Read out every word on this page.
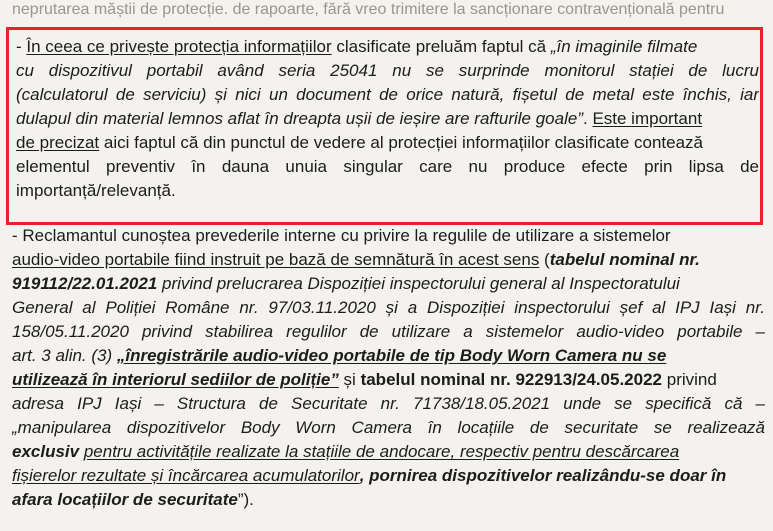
neprutarea măștii de protecție. de rapoarte, fără vreo trimitere la sancționare contravențională pentru
- În ceea ce privește protecția informațiilor clasificate preluăm faptul că „în imaginile filmate
cu dispozitivul portabil având seria 25041 nu se surprinde monitorul stației de lucru
(calculatorul de serviciu) și nici un document de orice natură, fișetul de metal este închis, iar
dulapul din material lemnos aflat în dreapta ușii de ieșire are rafturile goale”. Este important
de precizat aici faptul că din punctul de vedere al protecției informațiilor clasificate contează
elementul preventiv în dauna unuia singular care nu produce efecte prin lipsa de
importanță/relevanță.
- Reclamantul cunoștea prevederile interne cu privire la regulile de utilizare a sistemelor
audio-video portabile fiind instruit pe bază de semnătură în acest sens (tabelul nominal nr.
919112/22.01.2021 privind prelucrarea Dispoziției inspectorului general al Inspectoratului
General al Poliției Române nr. 97/03.11.2020 și a Dispoziției inspectorului șef al IPJ Iași nr.
158/05.11.2020 privind stabilirea regulilor de utilizare a sistemelor audio-video portabile –
art. 3 alin. (3) „înregistrările audio-video portabile de tip Body Worn Camera nu se
utilizează în interiorul sediilor de poliție” și tabelul nominal nr. 922913/24.05.2022 privind
adresa IPJ Iași – Structura de Securitate nr. 71738/18.05.2021 unde se specifică că –
„manipularea dispozitivelor Body Worn Camera în locațiile de securitate se realizează
exclusiv pentru activitățile realizate la stațiile de andocare, respectiv pentru descărcarea
fișierelor rezultate și încărcarea acumulatorilor, pornirea dispozitivelor realizându-se doar în
afara locațiilor de securitate”).
